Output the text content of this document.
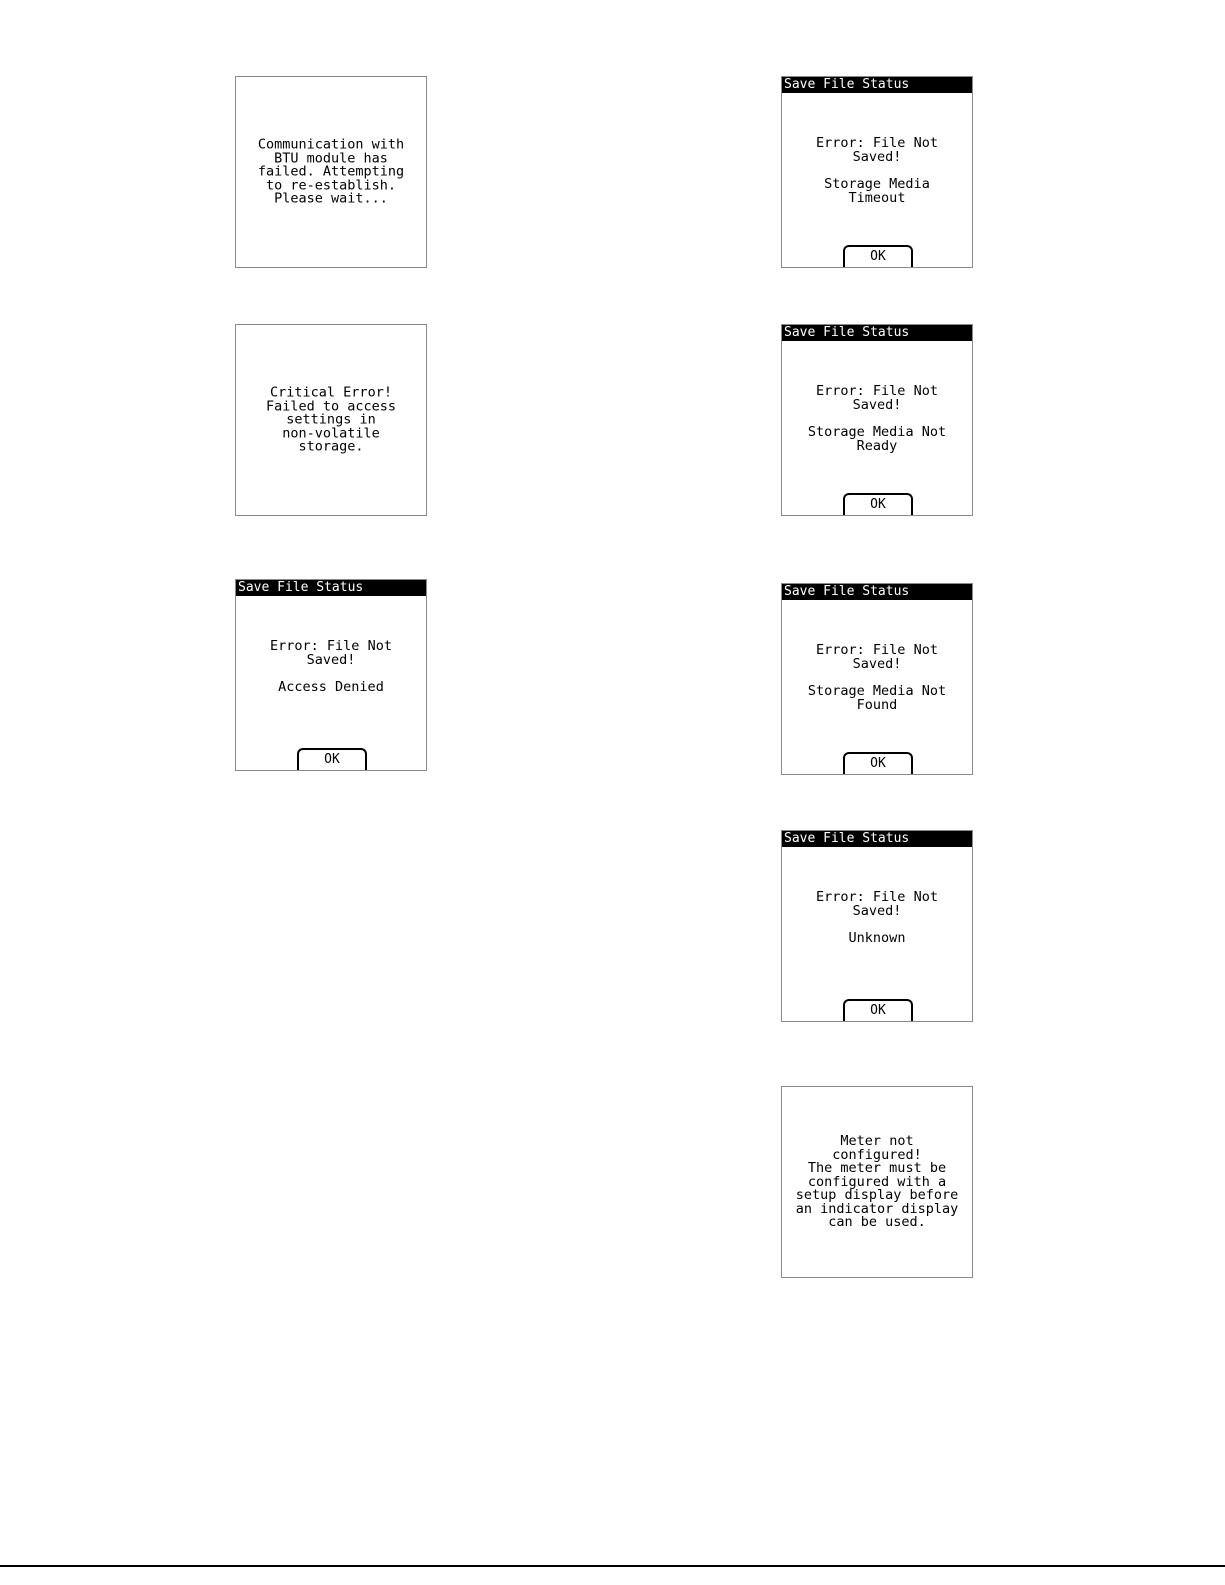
Communication with
BTU module has
failed. Attempting
to re-establish.
Please wait...
Critical Error!
Failed to access
settings in
non-volatile
storage.
Save File Status
Error: File Not
Saved!
Access Denied
OK
Save File Status
Error: File Not
Saved!
Storage Media
Timeout
OK
Save File Status
Error: File Not
Saved!
Storage Media Not
Ready
OK
Save File Status
Error: File Not
Saved!
Storage Media Not
Found
OK
Save File Status
Error: File Not
Saved!
Unknown
OK
Meter not
configured!
The meter must be
configured with a
setup display before
an indicator display
can be used.
